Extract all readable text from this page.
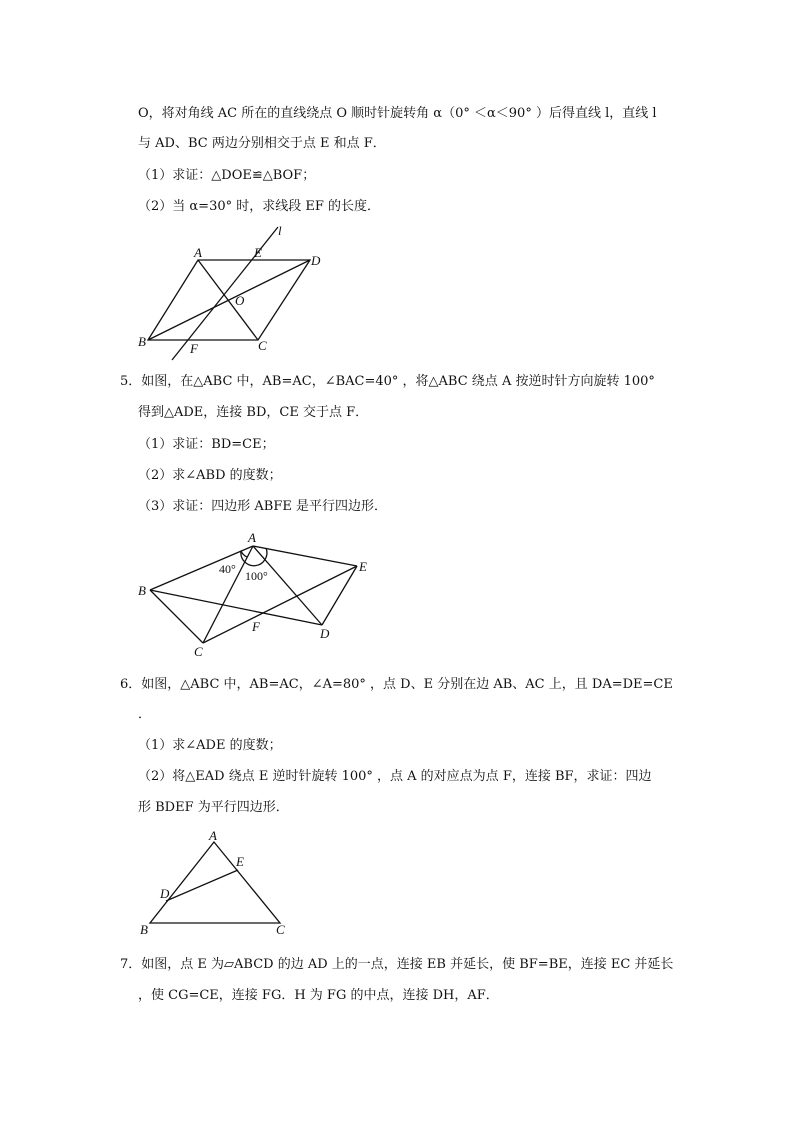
O，将对角线 AC 所在的直线绕点 O 顺时针旋转角 α（0° ＜α＜90° ）后得直线 l，直线 l
与 AD、BC 两边分别相交于点 E 和点 F．
（1）求证：△DOE≌△BOF；
（2）当 α=30° 时，求线段 EF 的长度．
A	E
l
D
O
B	F	C
5．如图，在△ABC 中，AB=AC，∠BAC=40° ，将△ABC 绕点 A 按逆时针方向旋转 100°
得到△ADE，连接 BD，CE 交于点 F．
（1）求证：BD=CE；
（2）求∠ABD 的度数；
（3）求证：四边形 ABFE 是平行四边形．
A
E
B
F	D
C
40° 100°
6．如图，△ABC 中，AB=AC，∠A=80° ，点 D、E 分别在边 AB、AC 上，且 DA=DE=CE
．
（1）求∠ADE 的度数；
（2）将△EAD 绕点 E 逆时针旋转 100° ，点 A 的对应点为点 F，连接 BF，求证：四边
形 BDEF 为平行四边形．
A
E
D
B	C
7．如图，点 E 为▱ABCD 的边 AD 上的一点，连接 EB 并延长，使 BF=BE，连接 EC 并延长
，使 CG=CE，连接 FG．H 为 FG 的中点，连接 DH，AF．
